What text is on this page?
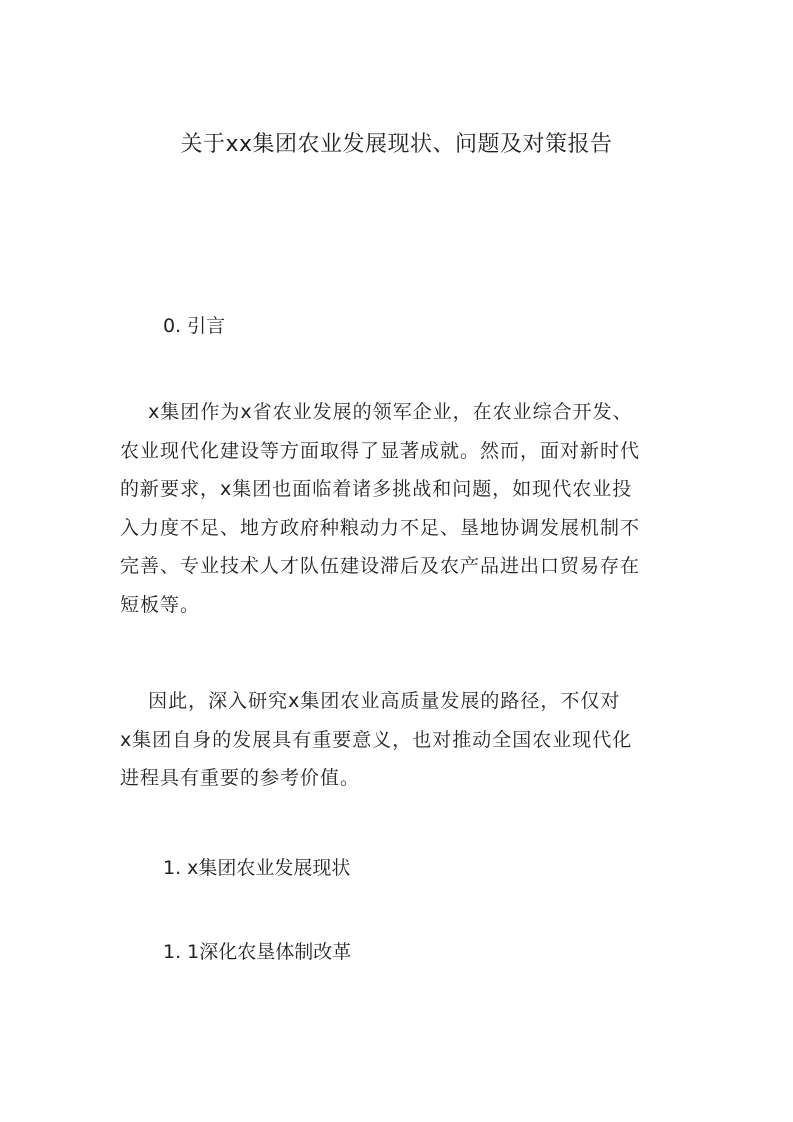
关于xx集团农业发展现状、问题及对策报告
0. 引言
x集团作为x省农业发展的领军企业，在农业综合开发、
农业现代化建设等方面取得了显著成就。然而，面对新时代
的新要求，x集团也面临着诸多挑战和问题，如现代农业投
入力度不足、地方政府种粮动力不足、垦地协调发展机制不
完善、专业技术人才队伍建设滞后及农产品进出口贸易存在
短板等。
因此，深入研究x集团农业高质量发展的路径，不仅对
x集团自身的发展具有重要意义，也对推动全国农业现代化
进程具有重要的参考价值。
1. x集团农业发展现状
1. 1深化农垦体制改革
